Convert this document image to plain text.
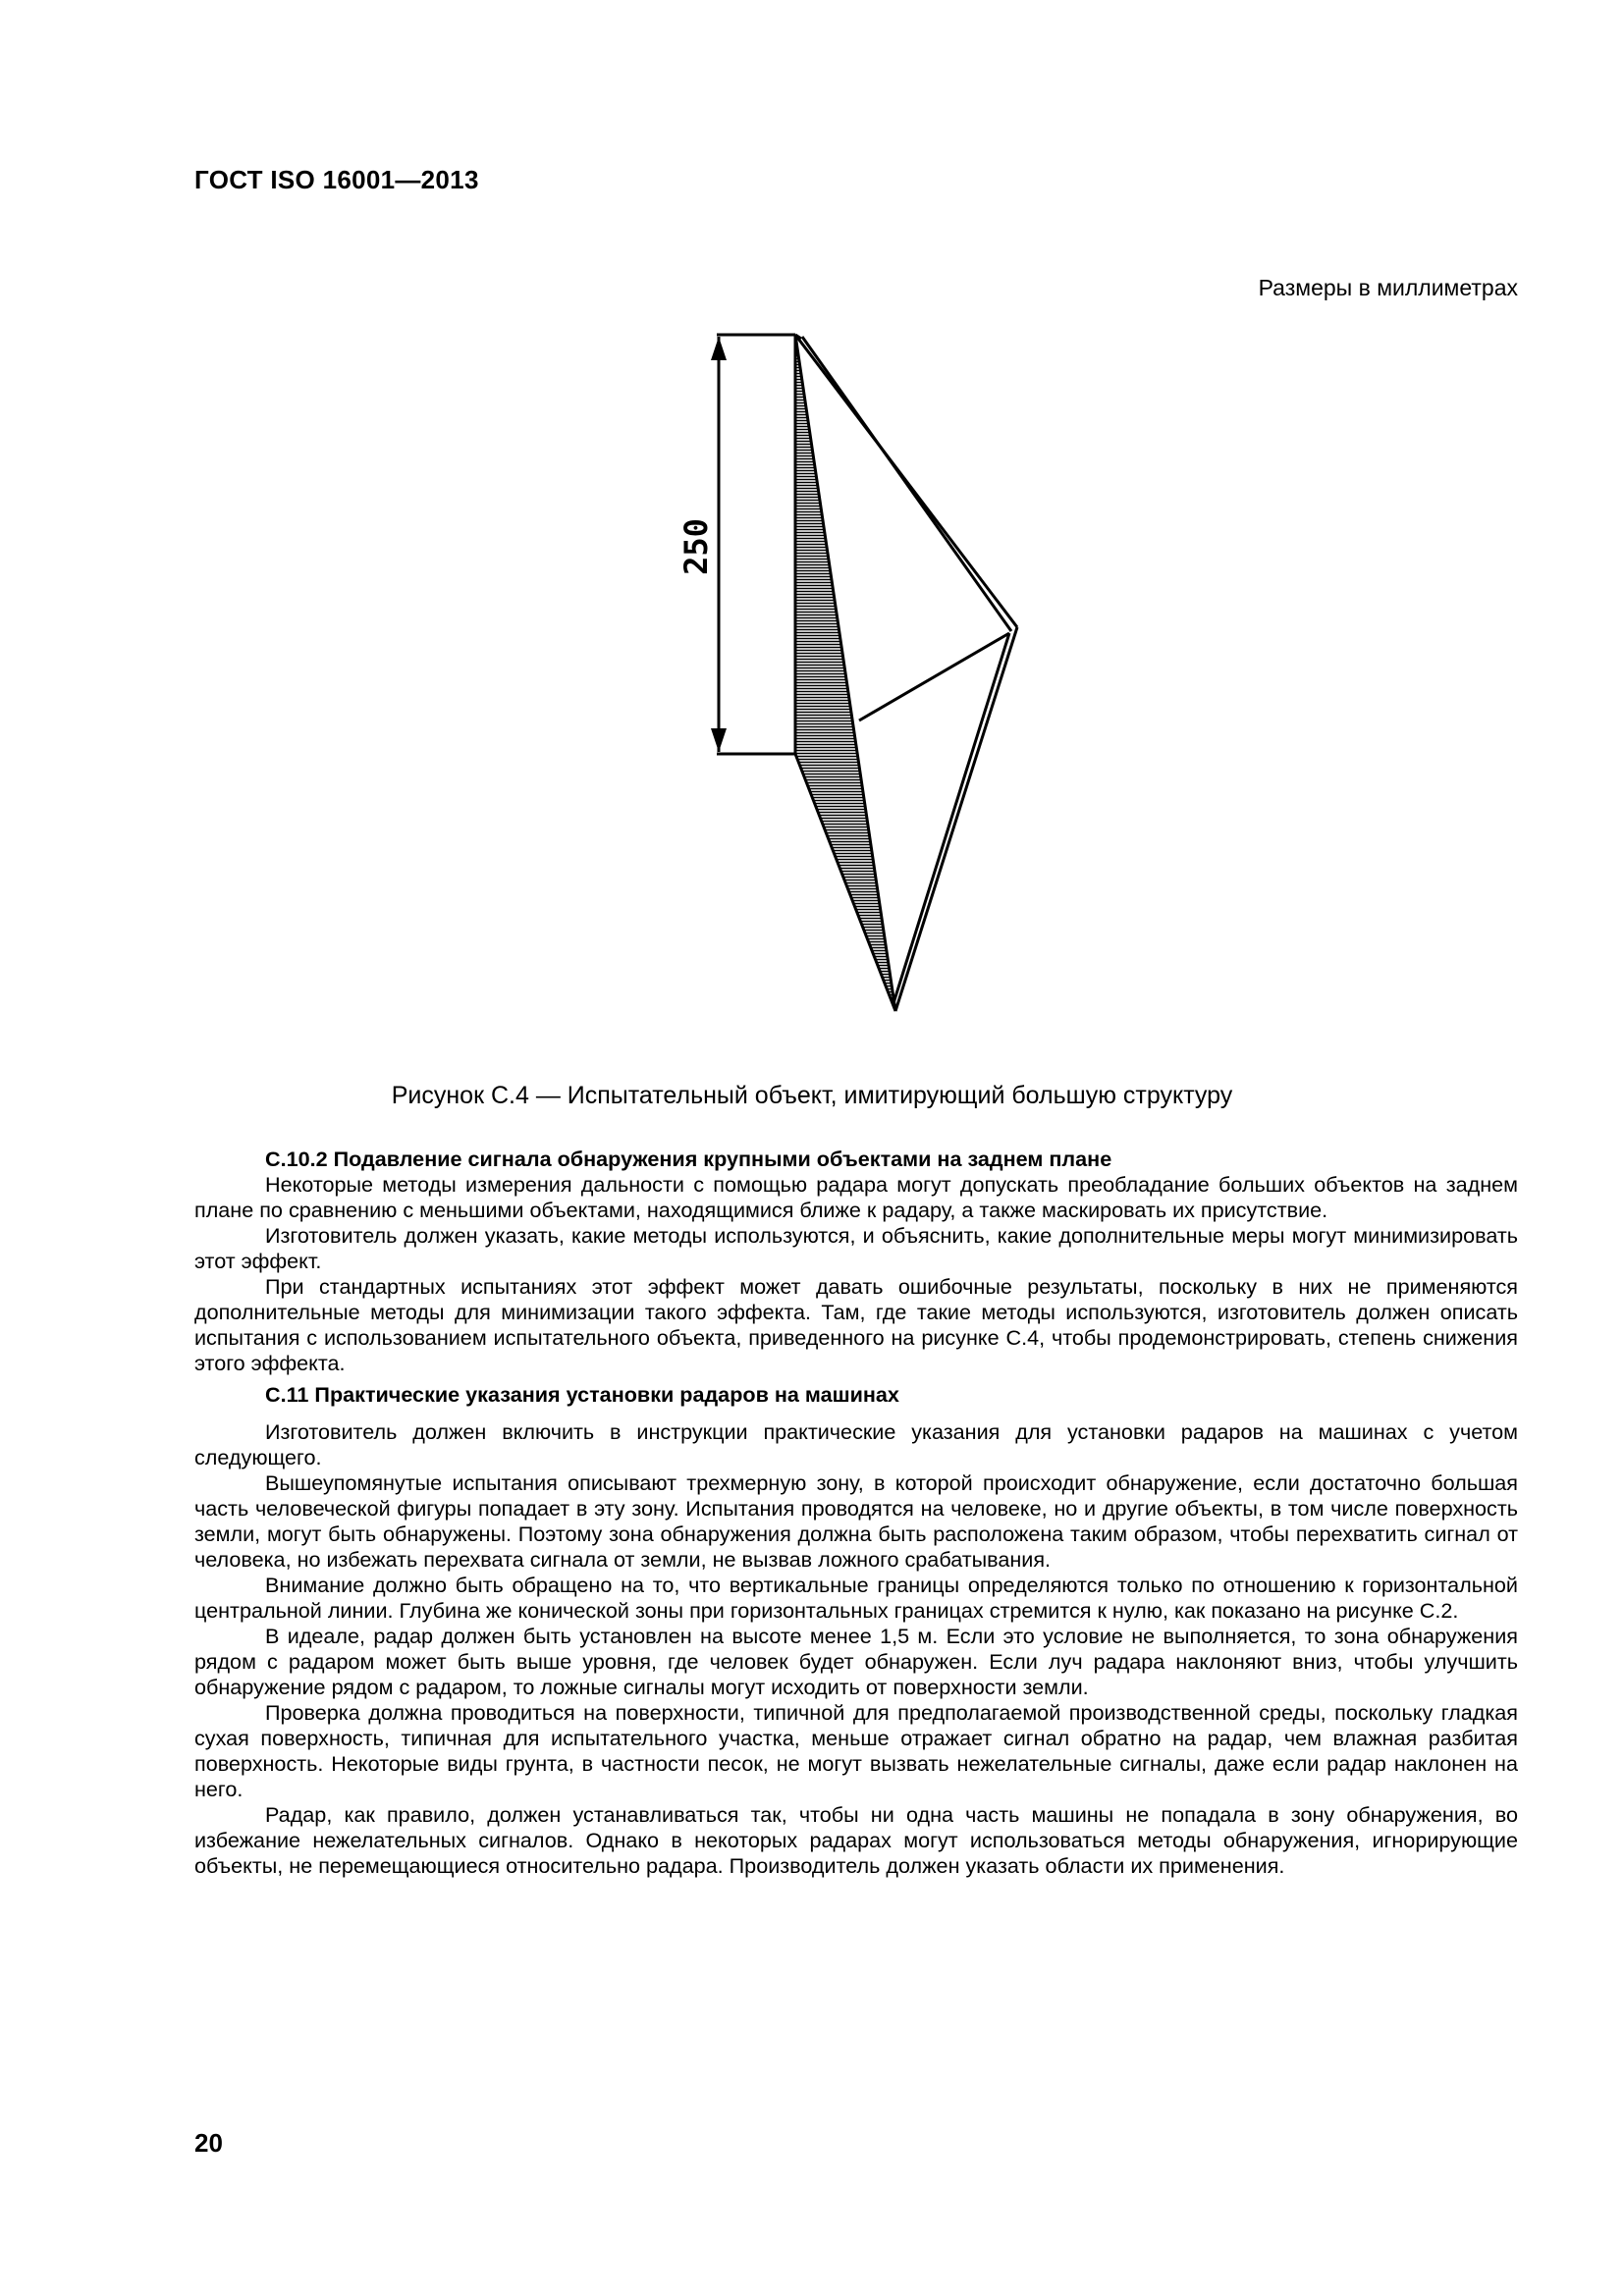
ГОСТ ISO 16001—2013
Размеры в миллиметрах
250
Рисунок С.4 — Испытательный объект, имитирующий большую структуру
С.10.2 Подавление сигнала обнаружения крупными объектами на заднем плане

Некоторые методы измерения дальности с помощью радара могут допускать преобладание больших объектов на заднем плане по сравнению с меньшими объектами, находящимися ближе к радару, а также маскировать их присутствие.

Изготовитель должен указать, какие методы используются, и объяснить, какие дополнительные меры могут минимизировать этот эффект.

При стандартных испытаниях этот эффект может давать ошибочные результаты, поскольку в них не применяются дополнительные методы для минимизации такого эффекта. Там, где такие методы используются, изготовитель должен описать испытания с использованием испытательного объекта, приведенного на рисунке С.4, чтобы продемонстрировать, степень снижения этого эффекта.

С.11 Практические указания установки радаров на машинах

Изготовитель должен включить в инструкции практические указания для установки радаров на машинах с учетом следующего.

Вышеупомянутые испытания описывают трехмерную зону, в которой происходит обнаружение, если достаточно большая часть человеческой фигуры попадает в эту зону. Испытания проводятся на человеке, но и другие объекты, в том числе поверхность земли, могут быть обнаружены. Поэтому зона обнаружения должна быть расположена таким образом, чтобы перехватить сигнал от человека, но избежать перехвата сигнала от земли, не вызвав ложного срабатывания.

Внимание должно быть обращено на то, что вертикальные границы определяются только по отношению к горизонтальной центральной линии. Глубина же конической зоны при горизонтальных границах стремится к нулю, как показано на рисунке С.2.

В идеале, радар должен быть установлен на высоте менее 1,5 м. Если это условие не выполняется, то зона обнаружения рядом с радаром может быть выше уровня, где человек будет обнаружен. Если луч радара наклоняют вниз, чтобы улучшить обнаружение рядом с радаром, то ложные сигналы могут исходить от поверхности земли.

Проверка должна проводиться на поверхности, типичной для предполагаемой производственной среды, поскольку гладкая сухая поверхность, типичная для испытательного участка, меньше отражает сигнал обратно на радар, чем влажная разбитая поверхность. Некоторые виды грунта, в частности песок, не могут вызвать нежелательные сигналы, даже если радар наклонен на него.

Радар, как правило, должен устанавливаться так, чтобы ни одна часть машины не попадала в зону обнаружения, во избежание нежелательных сигналов. Однако в некоторых радарах могут использоваться методы обнаружения, игнорирующие объекты, не перемещающиеся относительно радара. Производитель должен указать области их применения.

20
